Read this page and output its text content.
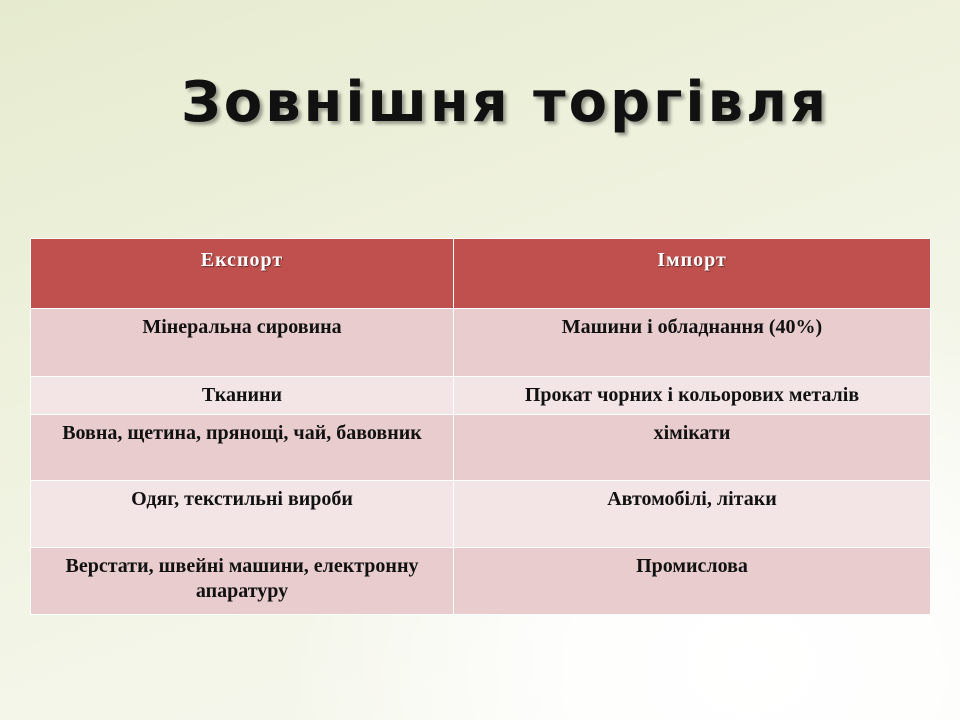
Зовнішня торгівля
Експорт	Імпорт
Мінеральна сировина	Машини і обладнання (40%)
Тканини	Прокат чорних і кольорових металів
Вовна, щетина, прянощі, чай, бавовник	хімікати
Одяг, текстильні вироби	Автомобілі, літаки
Верстати, швейні машини, електронну апаратуру	Промислова
